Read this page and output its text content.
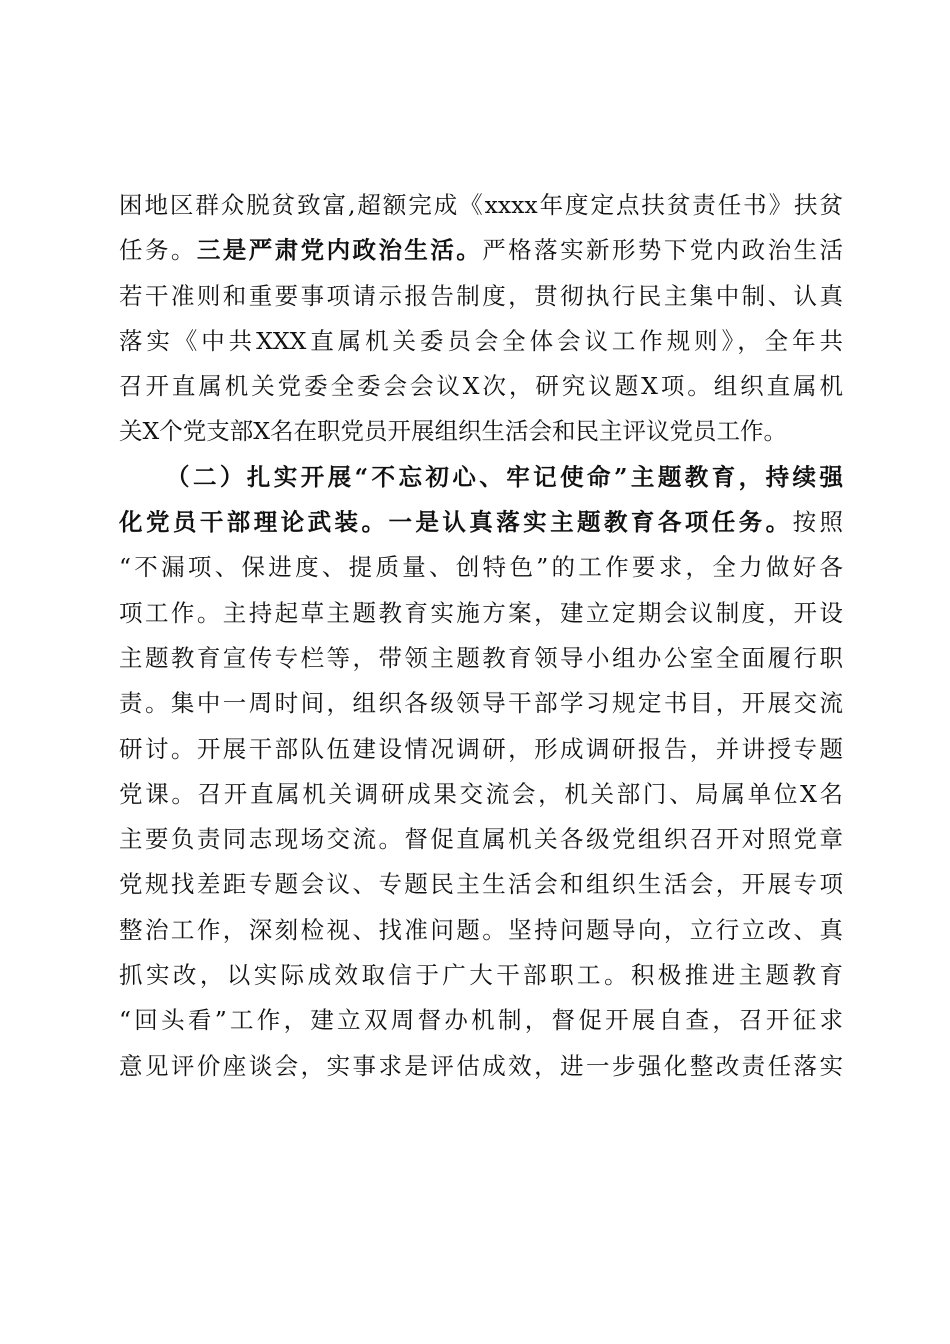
困地区群众脱贫致富,超额完成《xxxx年度定点扶贫责任书》扶贫
任务。三是严肃党内政治生活。严格落实新形势下党内政治生活
若干准则和重要事项请示报告制度，贯彻执行民主集中制、认真
落实《中共XXX直属机关委员会全体会议工作规则》，全年共
召开直属机关党委全委会会议X次，研究议题X项。组织直属机
关X个党支部X名在职党员开展组织生活会和民主评议党员工作。
（二）扎实开展“不忘初心、牢记使命”主题教育，持续强
化党员干部理论武装。一是认真落实主题教育各项任务。按照
“不漏项、保进度、提质量、创特色”的工作要求，全力做好各
项工作。主持起草主题教育实施方案，建立定期会议制度，开设
主题教育宣传专栏等，带领主题教育领导小组办公室全面履行职
责。集中一周时间，组织各级领导干部学习规定书目，开展交流
研讨。开展干部队伍建设情况调研，形成调研报告，并讲授专题
党课。召开直属机关调研成果交流会，机关部门、局属单位X名
主要负责同志现场交流。督促直属机关各级党组织召开对照党章
党规找差距专题会议、专题民主生活会和组织生活会，开展专项
整治工作，深刻检视、找准问题。坚持问题导向，立行立改、真
抓实改，以实际成效取信于广大干部职工。积极推进主题教育
“回头看”工作，建立双周督办机制，督促开展自查，召开征求
意见评价座谈会，实事求是评估成效，进一步强化整改责任落实
